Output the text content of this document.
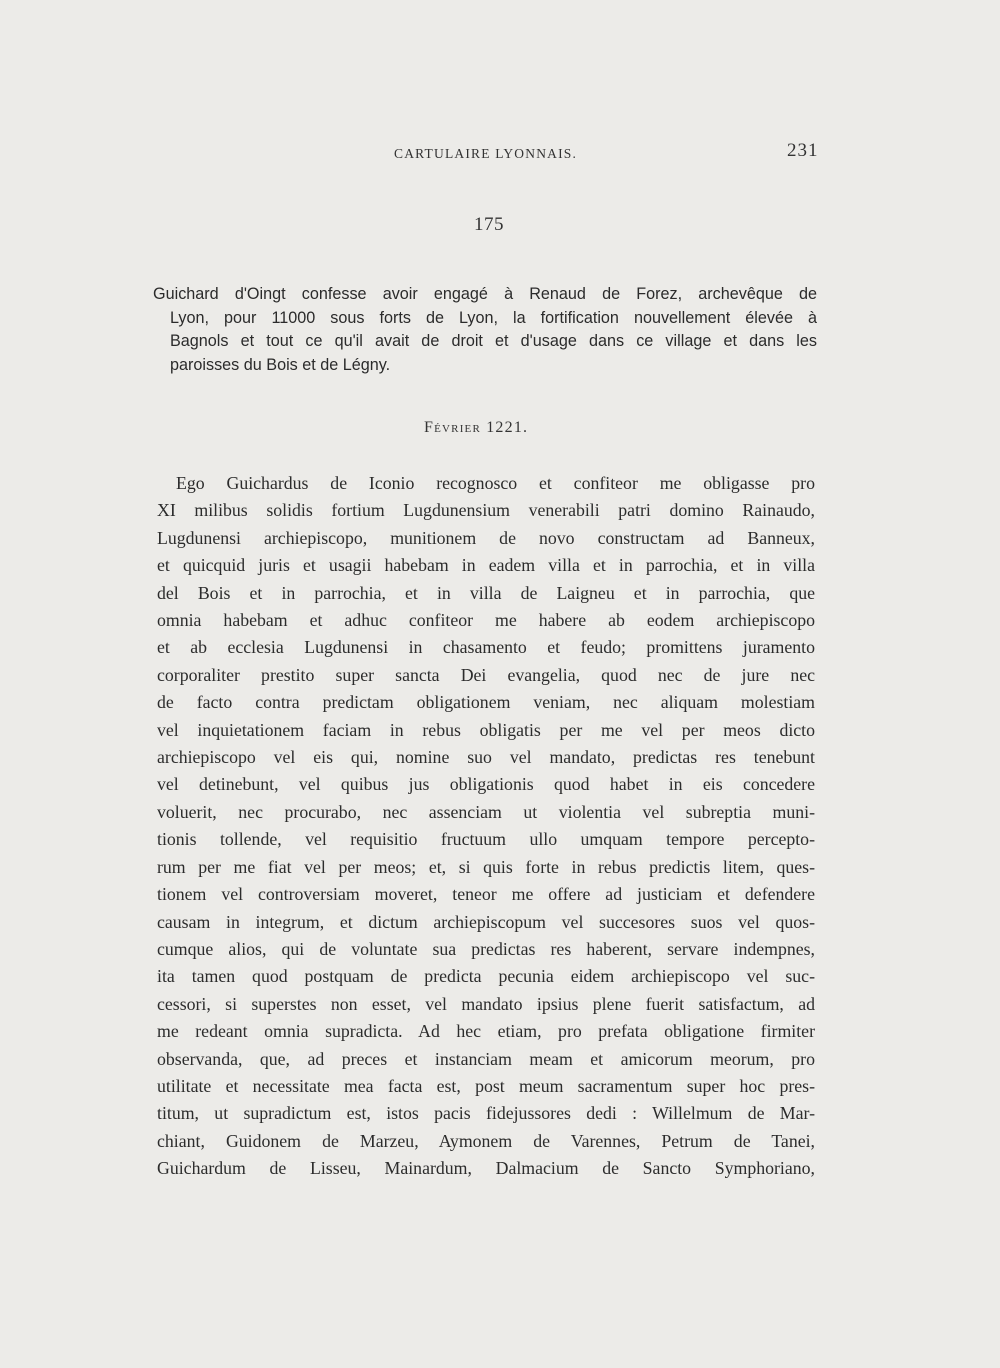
CARTULAIRE LYONNAIS.	231
175
Guichard d'Oingt confesse avoir engagé à Renaud de Forez, archevêque de
Lyon, pour 11000 sous forts de Lyon, la fortification nouvellement élevée à
Bagnols et tout ce qu'il avait de droit et d'usage dans ce village et dans les
paroisses du Bois et de Légny.
Février 1221.
Ego Guichardus de Iconio recognosco et confiteor me obligasse pro
XI milibus solidis fortium Lugdunensium venerabili patri domino Rainaudo,
Lugdunensi archiepiscopo, munitionem de novo constructam ad Banneux,
et quicquid juris et usagii habebam in eadem villa et in parrochia, et in villa
del Bois et in parrochia, et in villa de Laigneu et in parrochia, que
omnia habebam et adhuc confiteor me habere ab eodem archiepiscopo
et ab ecclesia Lugdunensi in chasamento et feudo; promittens juramento
corporaliter prestito super sancta Dei evangelia, quod nec de jure nec
de facto contra predictam obligationem veniam, nec aliquam molestiam
vel inquietationem faciam in rebus obligatis per me vel per meos dicto
archiepiscopo vel eis qui, nomine suo vel mandato, predictas res tenebunt
vel detinebunt, vel quibus jus obligationis quod habet in eis concedere
voluerit, nec procurabo, nec assenciam ut violentia vel subreptia muni-
tionis tollende, vel requisitio fructuum ullo umquam tempore percepto-
rum per me fiat vel per meos; et, si quis forte in rebus predictis litem, ques-
tionem vel controversiam moveret, teneor me offere ad justiciam et defendere
causam in integrum, et dictum archiepiscopum vel succesores suos vel quos-
cumque alios, qui de voluntate sua predictas res haberent, servare indempnes,
ita tamen quod postquam de predicta pecunia eidem archiepiscopo vel suc-
cessori, si superstes non esset, vel mandato ipsius plene fuerit satisfactum, ad
me redeant omnia supradicta. Ad hec etiam, pro prefata obligatione firmiter
observanda, que, ad preces et instanciam meam et amicorum meorum, pro
utilitate et necessitate mea facta est, post meum sacramentum super hoc pres-
titum, ut supradictum est, istos pacis fidejussores dedi : Willelmum de Mar-
chiant, Guidonem de Marzeu, Aymonem de Varennes, Petrum de Tanei,
Guichardum de Lisseu, Mainardum, Dalmacium de Sancto Symphoriano,
